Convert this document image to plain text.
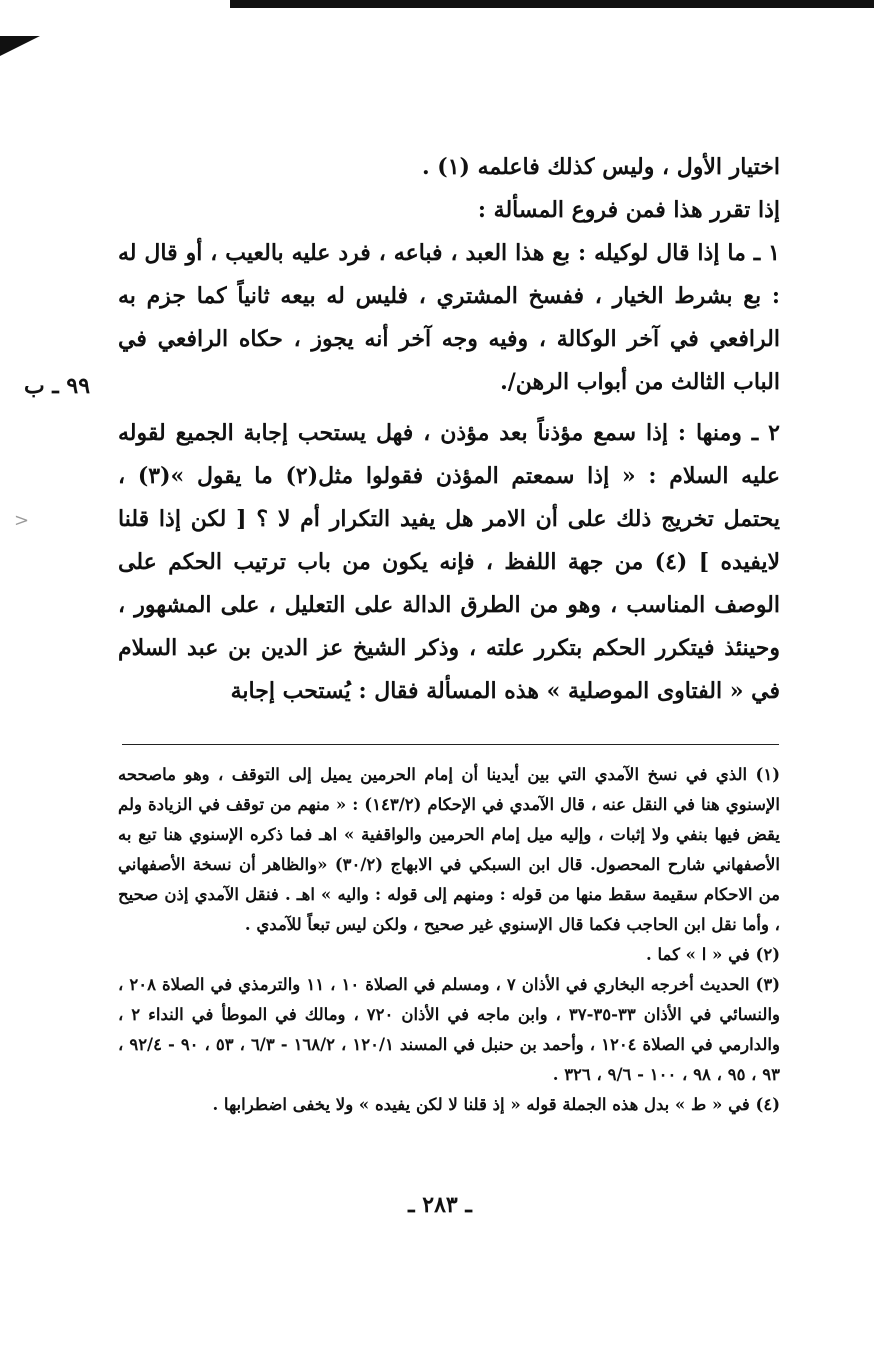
>
٩٩ ـ ب

اختيار الأول ، وليس كذلك فاعلمه (١) .

إذا تقرر هذا فمن فروع المسألة :

١ ـ ما إذا قال لوكيله : بع هذا العبد ، فباعه ، فرد عليه بالعيب ، أو قال له : بع بشرط الخيار ، ففسخ المشتري ، فليس له بيعه ثانياً كما جزم به الرافعي في آخر الوكالة ، وفيه وجه آخر أنه يجوز ، حكاه الرافعي في الباب الثالث من أبواب الرهن/.

٢ ـ ومنها : إذا سمع مؤذناً بعد مؤذن ، فهل يستحب إجابة الجميع لقوله عليه السلام : « إذا سمعتم المؤذن فقولوا مثل(٢) ما يقول »(٣) ، يحتمل تخريج ذلك على أن الامر هل يفيد التكرار أم لا ؟ [ لكن إذا قلنا لايفيده ] (٤) من جهة اللفظ ، فإنه يكون من باب ترتيب الحكم على الوصف المناسب ، وهو من الطرق الدالة على التعليل ، على المشهور ، وحينئذ فيتكرر الحكم بتكرر علته ، وذكر الشيخ عز الدين بن عبد السلام في « الفتاوى الموصلية » هذه المسألة فقال : يُستحب إجابة

(١) الذي في نسخ الآمدي التي بين أيدينا أن إمام الحرمين يميل إلى التوقف ، وهو ماصححه الإسنوي هنا في النقل عنه ، قال الآمدي في الإحكام (١٤٣/٢) : « منهم من توقف في الزيادة ولم يقض فيها بنفي ولا إثبات ، وإليه ميل إمام الحرمين والواقفية » اهـ فما ذكره الإسنوي هنا تبع به الأصفهاني شارح المحصول. قال ابن السبكي في الابهاج (٣٠/٢) «والظاهر أن نسخة الأصفهاني من الاحكام سقيمة سقط منها من قوله : ومنهم إلى قوله : واليه » اهـ . فنقل الآمدي إذن صحيح ، وأما نقل ابن الحاجب فكما قال الإسنوي غير صحيح ، ولكن ليس تبعاً للآمدي .

(٢) في « ا » كما .

(٣) الحديث أخرجه البخاري في الأذان ٧ ، ومسلم في الصلاة ١٠ ، ١١ والترمذي في الصلاة ٢٠٨ ، والنسائي في الأذان ٣٣-٣٥-٣٧ ، وابن ماجه في الأذان ٧٢٠ ، ومالك في الموطأ في النداء ٢ ، والدارمي في الصلاة ١٢٠٤ ، وأحمد بن حنبل في المسند ١٢٠/١ ، ١٦٨/٢ - ٦/٣ ، ٥٣ ، ٩٠ - ٩٢/٤ ، ٩٣ ، ٩٥ ، ٩٨ ، ١٠٠ - ٩/٦ ، ٣٢٦ .

(٤) في « ط » بدل هذه الجملة قوله « إذ قلنا لا لكن يفيده » ولا يخفى اضطرابها .

ـ ٢٨٣ ـ
